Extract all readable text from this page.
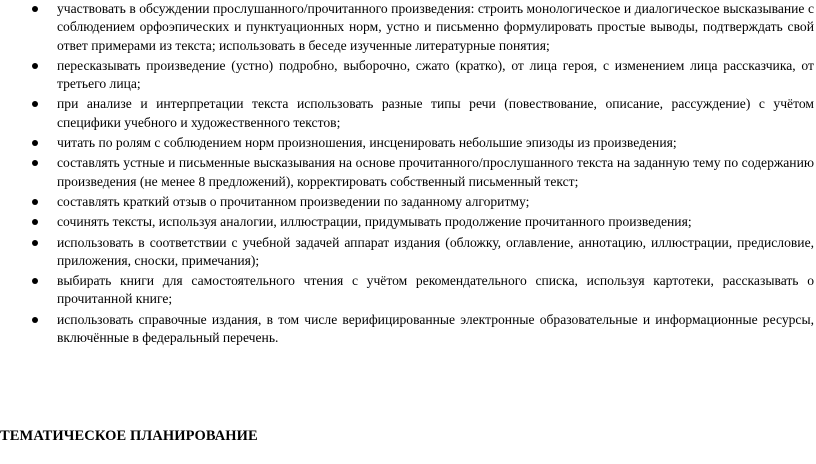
участвовать в обсуждении прослушанного/прочитанного произведения: строить монологическое и диалогическое высказывание с соблюдением орфоэпических и пунктуационных норм, устно и письменно формулировать простые выводы, подтверждать свой ответ примерами из текста; использовать в беседе изученные литературные понятия;
пересказывать произведение (устно) подробно, выборочно, сжато (кратко), от лица героя, с изменением лица рассказчика, от третьего лица;
при анализе и интерпретации текста использовать разные типы речи (повествование, описание, рассуждение) с учётом специфики учебного и художественного текстов;
читать по ролям с соблюдением норм произношения, инсценировать небольшие эпизоды из произведения;
составлять устные и письменные высказывания на основе прочитанного/прослушанного текста на заданную тему по содержанию произведения (не менее 8 предложений), корректировать собственный письменный текст;
составлять краткий отзыв о прочитанном произведении по заданному алгоритму;
сочинять тексты, используя аналогии, иллюстрации, придумывать продолжение прочитанного произведения;
использовать в соответствии с учебной задачей аппарат издания (обложку, оглавление, аннотацию, иллюстрации, предисловие, приложения, сноски, примечания);
выбирать книги для самостоятельного чтения с учётом рекомендательного списка, используя картотеки, рассказывать о прочитанной книге;
использовать справочные издания, в том числе верифицированные электронные образовательные и информационные ресурсы, включённые в федеральный перечень.
ТЕМАТИЧЕСКОЕ ПЛАНИРОВАНИЕ
